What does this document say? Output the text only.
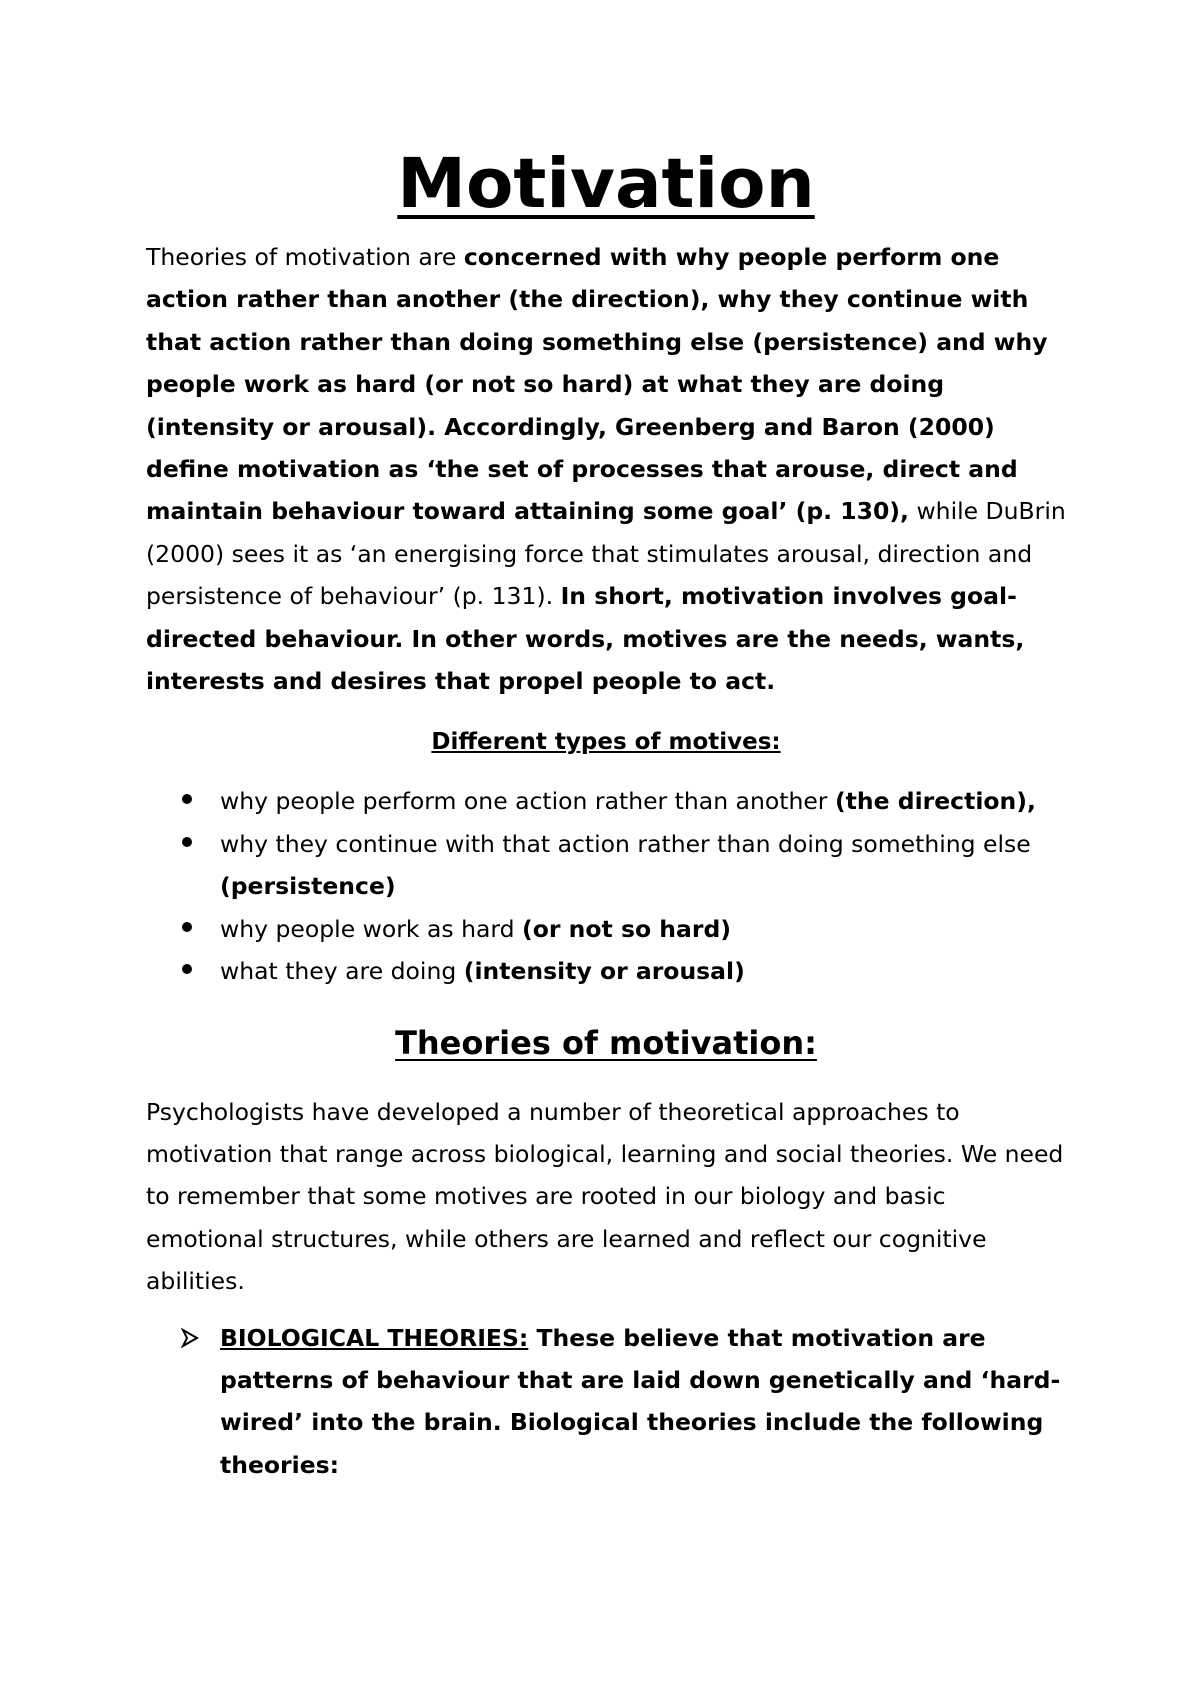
Motivation

Theories of motivation are concerned with why people perform one action rather than another (the direction), why they continue with that action rather than doing something else (persistence) and why people work as hard (or not so hard) at what they are doing (intensity or arousal). Accordingly, Greenberg and Baron (2000) define motivation as ‘the set of processes that arouse, direct and maintain behaviour toward attaining some goal’ (p. 130), while DuBrin (2000) sees it as ‘an energising force that stimulates arousal, direction and persistence of behaviour’ (p. 131). In short, motivation involves goal-directed behaviour. In other words, motives are the needs, wants, interests and desires that propel people to act.

Different types of motives:
why people perform one action rather than another (the direction),
why they continue with that action rather than doing something else (persistence)
why people work as hard (or not so hard)
what they are doing (intensity or arousal)
Theories of motivation:

Psychologists have developed a number of theoretical approaches to motivation that range across biological, learning and social theories. We need to remember that some motives are rooted in our biology and basic emotional structures, while others are learned and reflect our cognitive abilities.

BIOLOGICAL THEORIES: These believe that motivation are patterns of behaviour that are laid down genetically and ‘hard-wired’ into the brain. Biological theories include the following theories:
